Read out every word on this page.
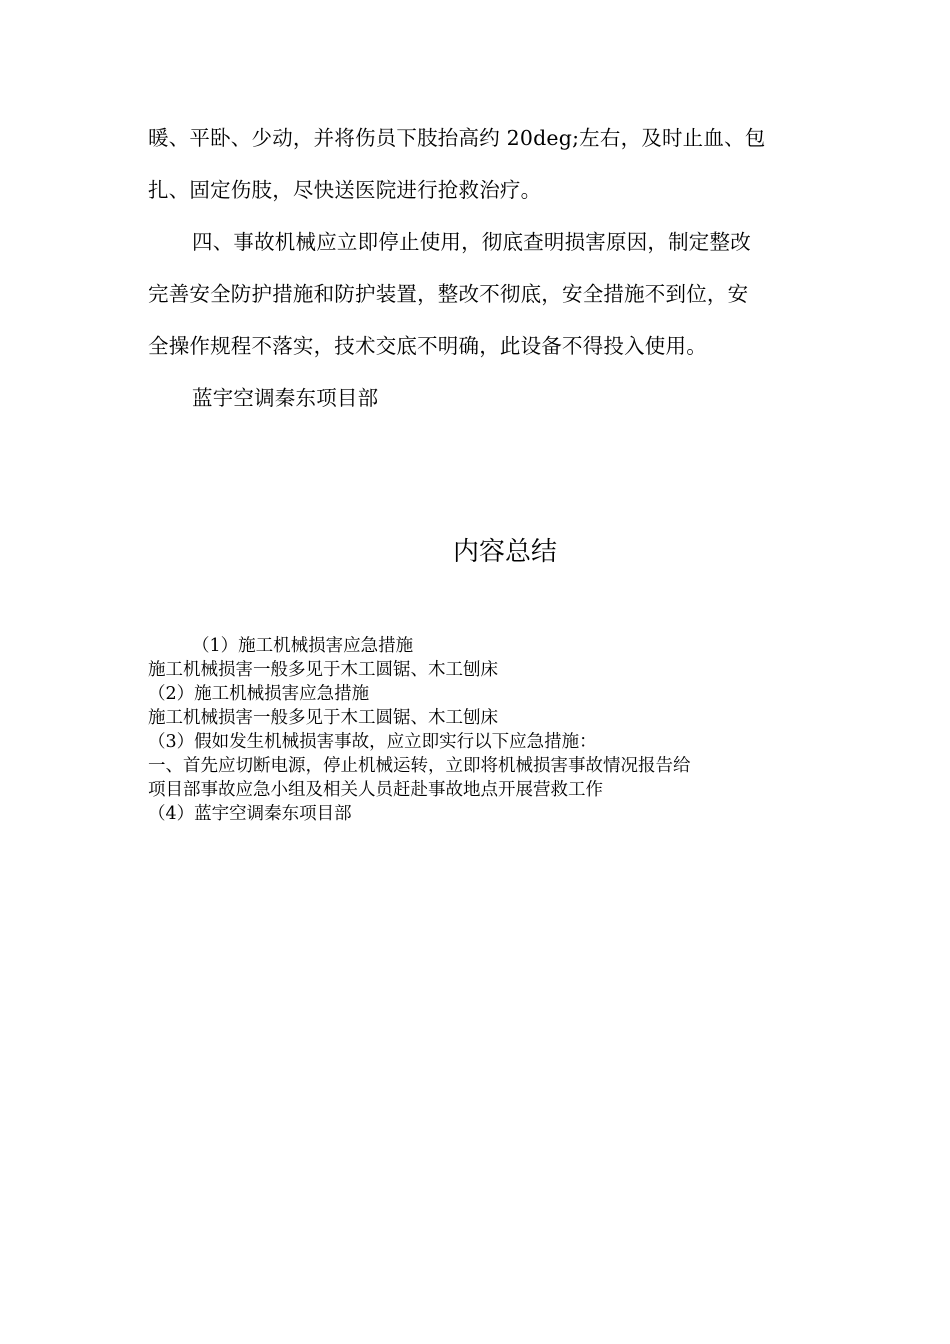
暖、平卧、少动，并将伤员下肢抬高约 20deg;左右，及时止血、包
扎、固定伤肢，尽快送医院进行抢救治疗。
四、事故机械应立即停止使用，彻底查明损害原因，制定整改
完善安全防护措施和防护装置，整改不彻底，安全措施不到位，安
全操作规程不落实，技术交底不明确，此设备不得投入使用。
蓝宇空调秦东项目部
内容总结
（1）施工机械损害应急措施
施工机械损害一般多见于木工圆锯、木工刨床
（2）施工机械损害应急措施
施工机械损害一般多见于木工圆锯、木工刨床
（3）假如发生机械损害事故，应立即实行以下应急措施：
一、首先应切断电源，停止机械运转，立即将机械损害事故情况报告给
项目部事故应急小组及相关人员赶赴事故地点开展营救工作
（4）蓝宇空调秦东项目部
